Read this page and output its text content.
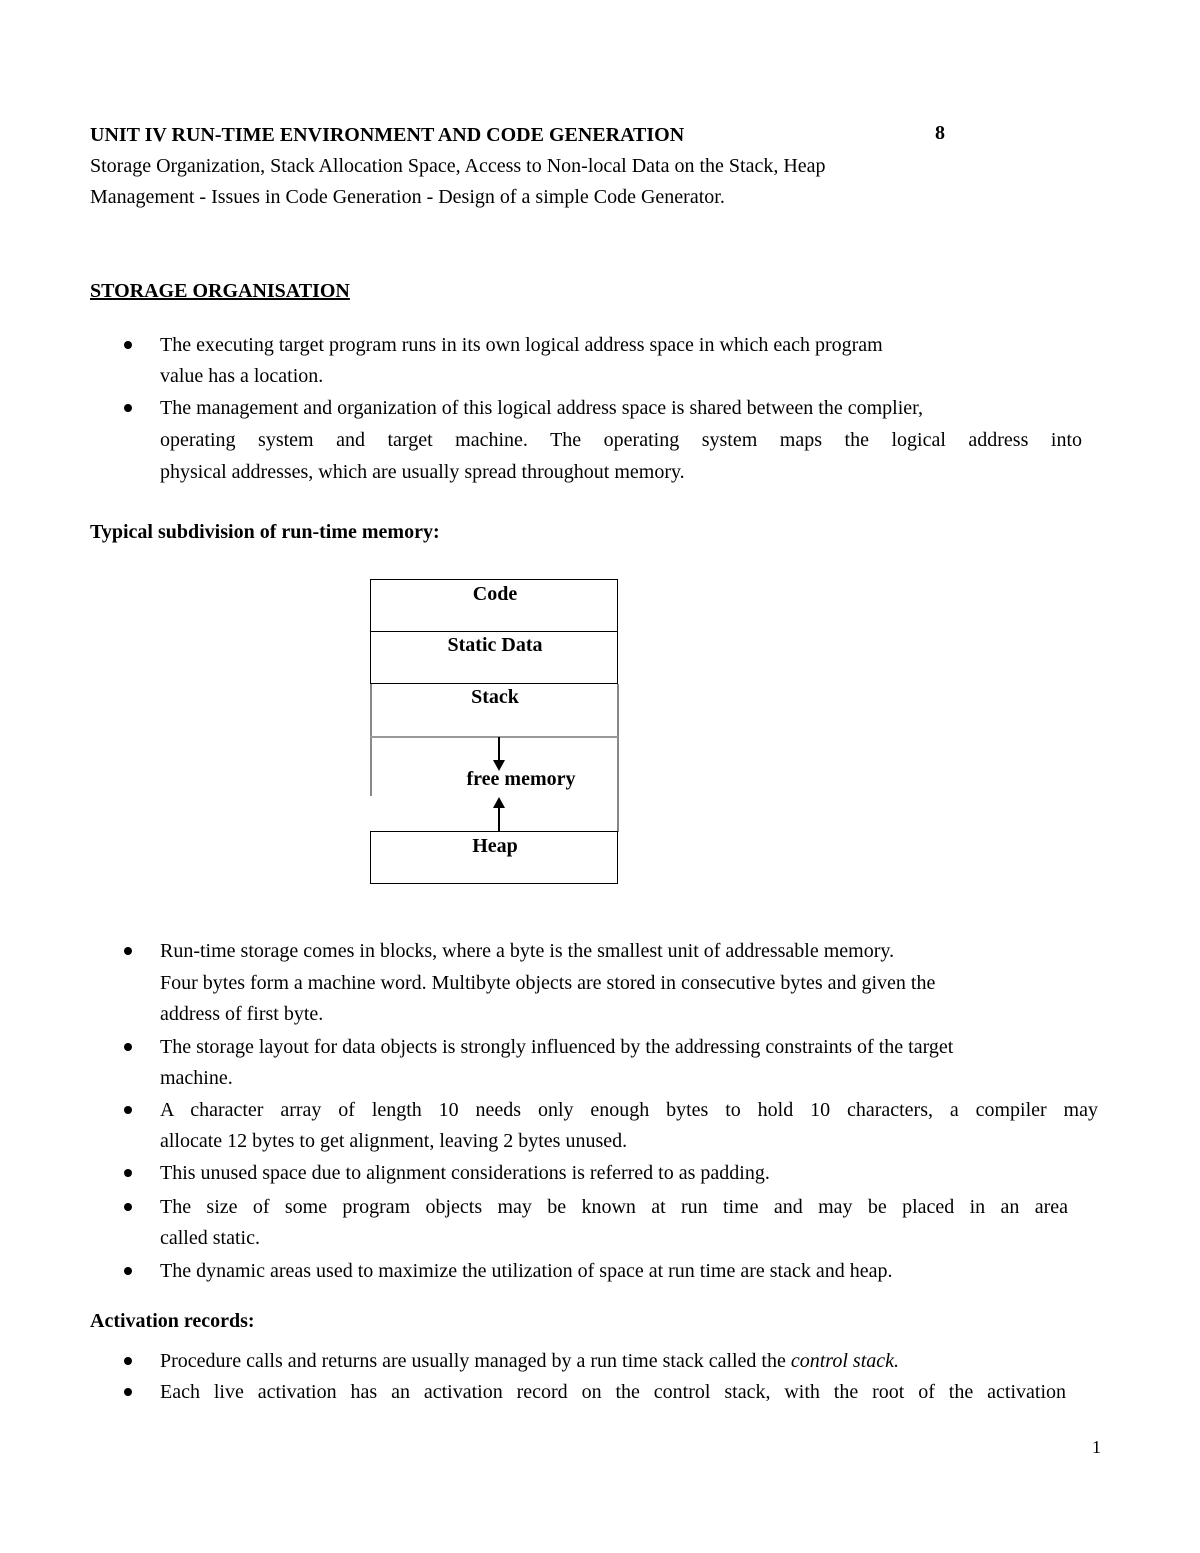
UNIT IV RUN-TIME ENVIRONMENT AND CODE GENERATION	8
Storage Organization, Stack Allocation Space, Access to Non-local Data on the Stack, Heap
Management - Issues in Code Generation - Design of a simple Code Generator.
STORAGE ORGANISATION
The executing target program runs in its own logical address space in which each program
value has a location.
The management and organization of this logical address space is shared between the complier,
operating system and target machine. The operating system maps the logical address into
physical addresses, which are usually spread throughout memory.
Typical subdivision of run-time memory:
Code
Static Data
Stack
free memory
Heap
Run-time storage comes in blocks, where a byte is the smallest unit of addressable memory.
Four bytes form a machine word. Multibyte objects are stored in consecutive bytes and given the
address of first byte.
The storage layout for data objects is strongly influenced by the addressing constraints of the target
machine.
A character array of length 10 needs only enough bytes to hold 10 characters, a compiler may
allocate 12 bytes to get alignment, leaving 2 bytes unused.
This unused space due to alignment considerations is referred to as padding.
The size of some program objects may be known at run time and may be placed in an area
called static.
The dynamic areas used to maximize the utilization of space at run time are stack and heap.
Activation records:
Procedure calls and returns are usually managed by a run time stack called the control stack.
Each live activation has an activation record on the control stack, with the root of the activation
1
